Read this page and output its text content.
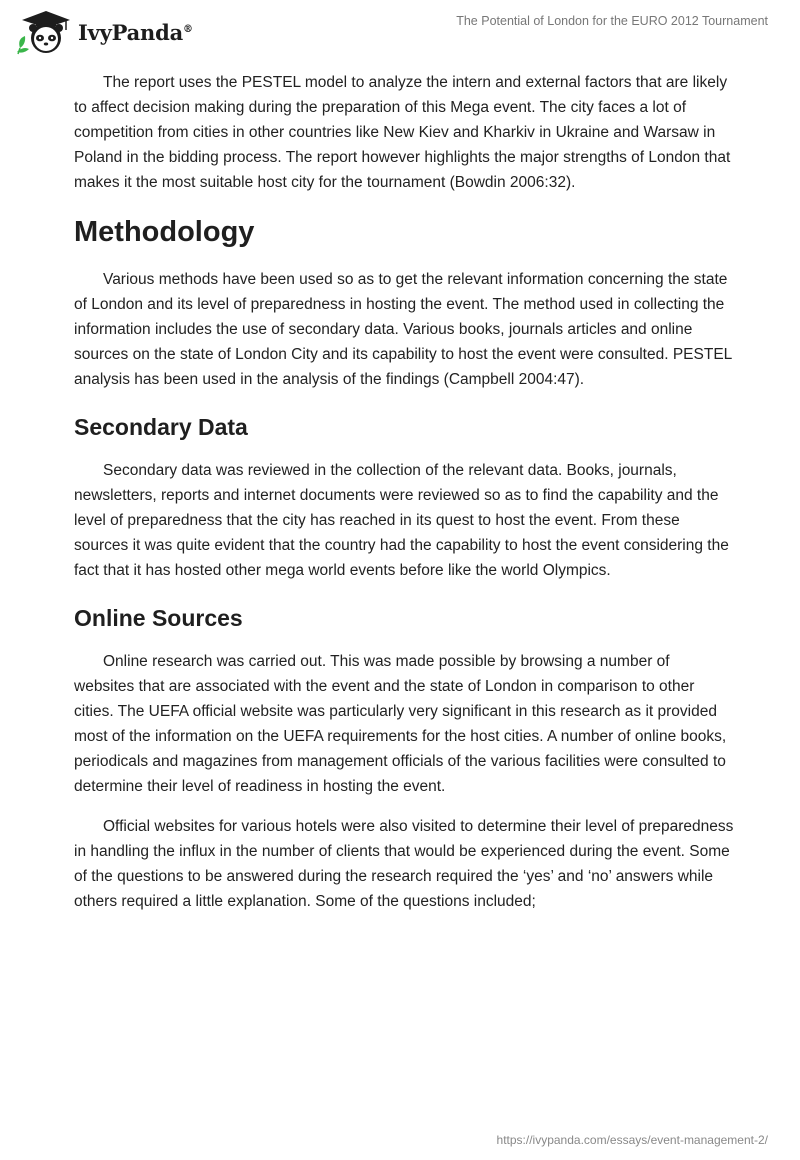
IvyPanda®
The Potential of London for the EURO 2012 Tournament

The report uses the PESTEL model to analyze the intern and external factors that are likely to affect decision making during the preparation of this Mega event. The city faces a lot of competition from cities in other countries like New Kiev and Kharkiv in Ukraine and Warsaw in Poland in the bidding process. The report however highlights the major strengths of London that makes it the most suitable host city for the tournament (Bowdin 2006:32).

Methodology

Various methods have been used so as to get the relevant information concerning the state of London and its level of preparedness in hosting the event. The method used in collecting the information includes the use of secondary data. Various books, journals articles and online sources on the state of London City and its capability to host the event were consulted. PESTEL analysis has been used in the analysis of the findings (Campbell 2004:47).

Secondary Data

Secondary data was reviewed in the collection of the relevant data. Books, journals, newsletters, reports and internet documents were reviewed so as to find the capability and the level of preparedness that the city has reached in its quest to host the event. From these sources it was quite evident that the country had the capability to host the event considering the fact that it has hosted other mega world events before like the world Olympics.

Online Sources

Online research was carried out. This was made possible by browsing a number of websites that are associated with the event and the state of London in comparison to other cities. The UEFA official website was particularly very significant in this research as it provided most of the information on the UEFA requirements for the host cities. A number of online books, periodicals and magazines from management officials of the various facilities were consulted to determine their level of readiness in hosting the event.

Official websites for various hotels were also visited to determine their level of preparedness in handling the influx in the number of clients that would be experienced during the event. Some of the questions to be answered during the research required the ‘yes’ and ‘no’ answers while others required a little explanation. Some of the questions included;

https://ivypanda.com/essays/event-management-2/
